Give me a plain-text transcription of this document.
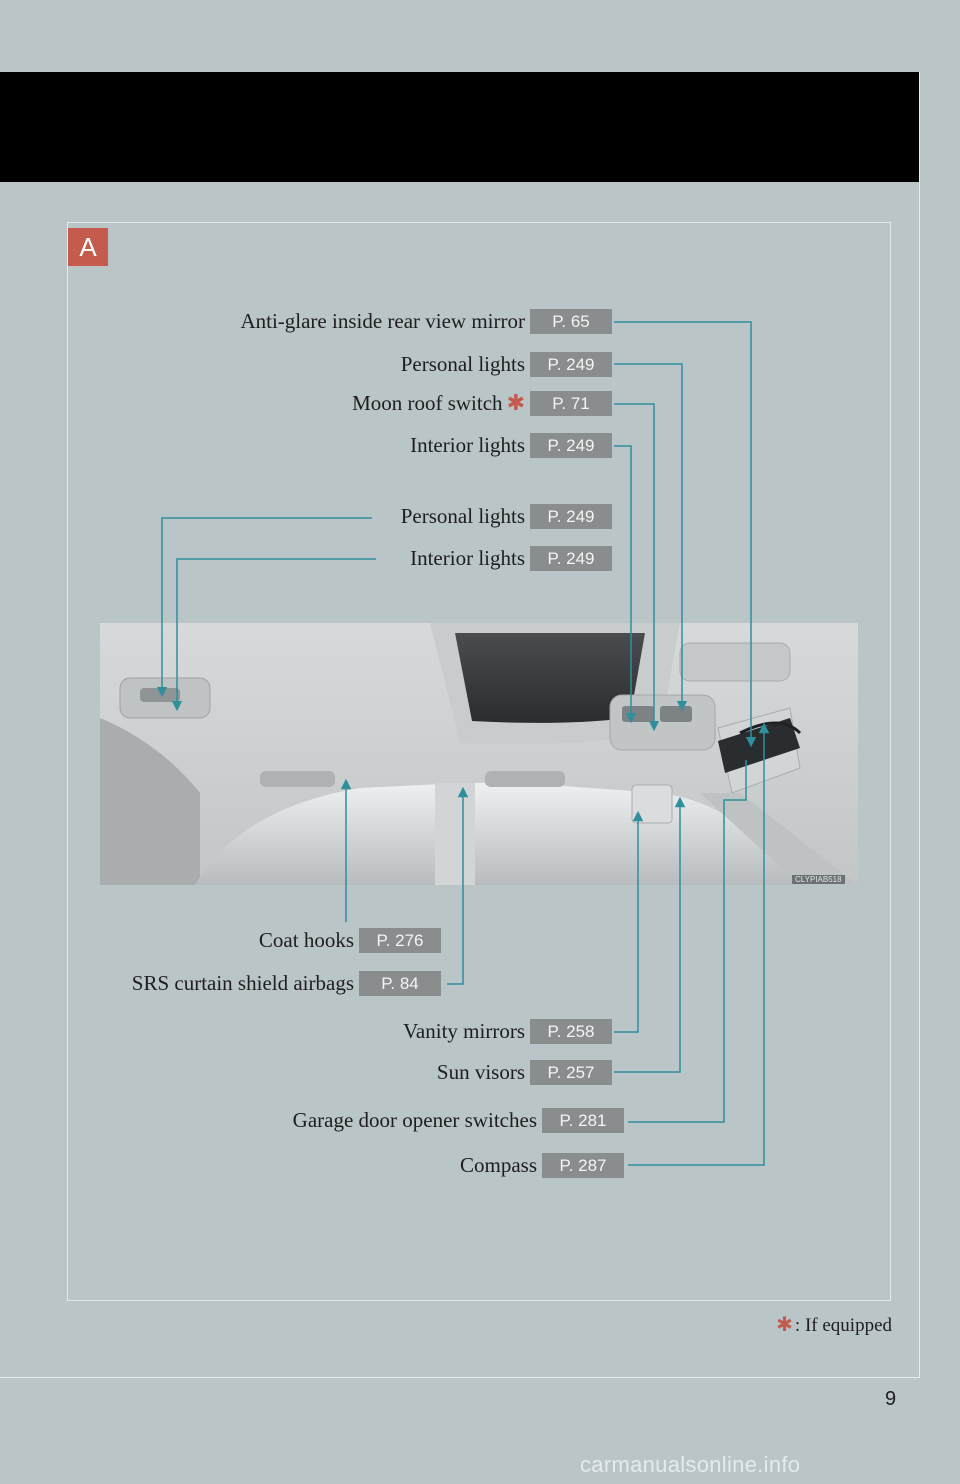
A
CLYPIAB518
Anti-glare inside rear view mirror	P. 65
Personal lights	P. 249
Moon roof switch ✱	P. 71
Interior lights	P. 249
Personal lights	P. 249
Interior lights	P. 249
Coat hooks	P. 276
SRS curtain shield airbags	P. 84
Vanity mirrors	P. 258
Sun visors	P. 257
Garage door opener switches	P. 281
Compass	P. 287
✱ : If equipped
9
carmanualsonline.info
